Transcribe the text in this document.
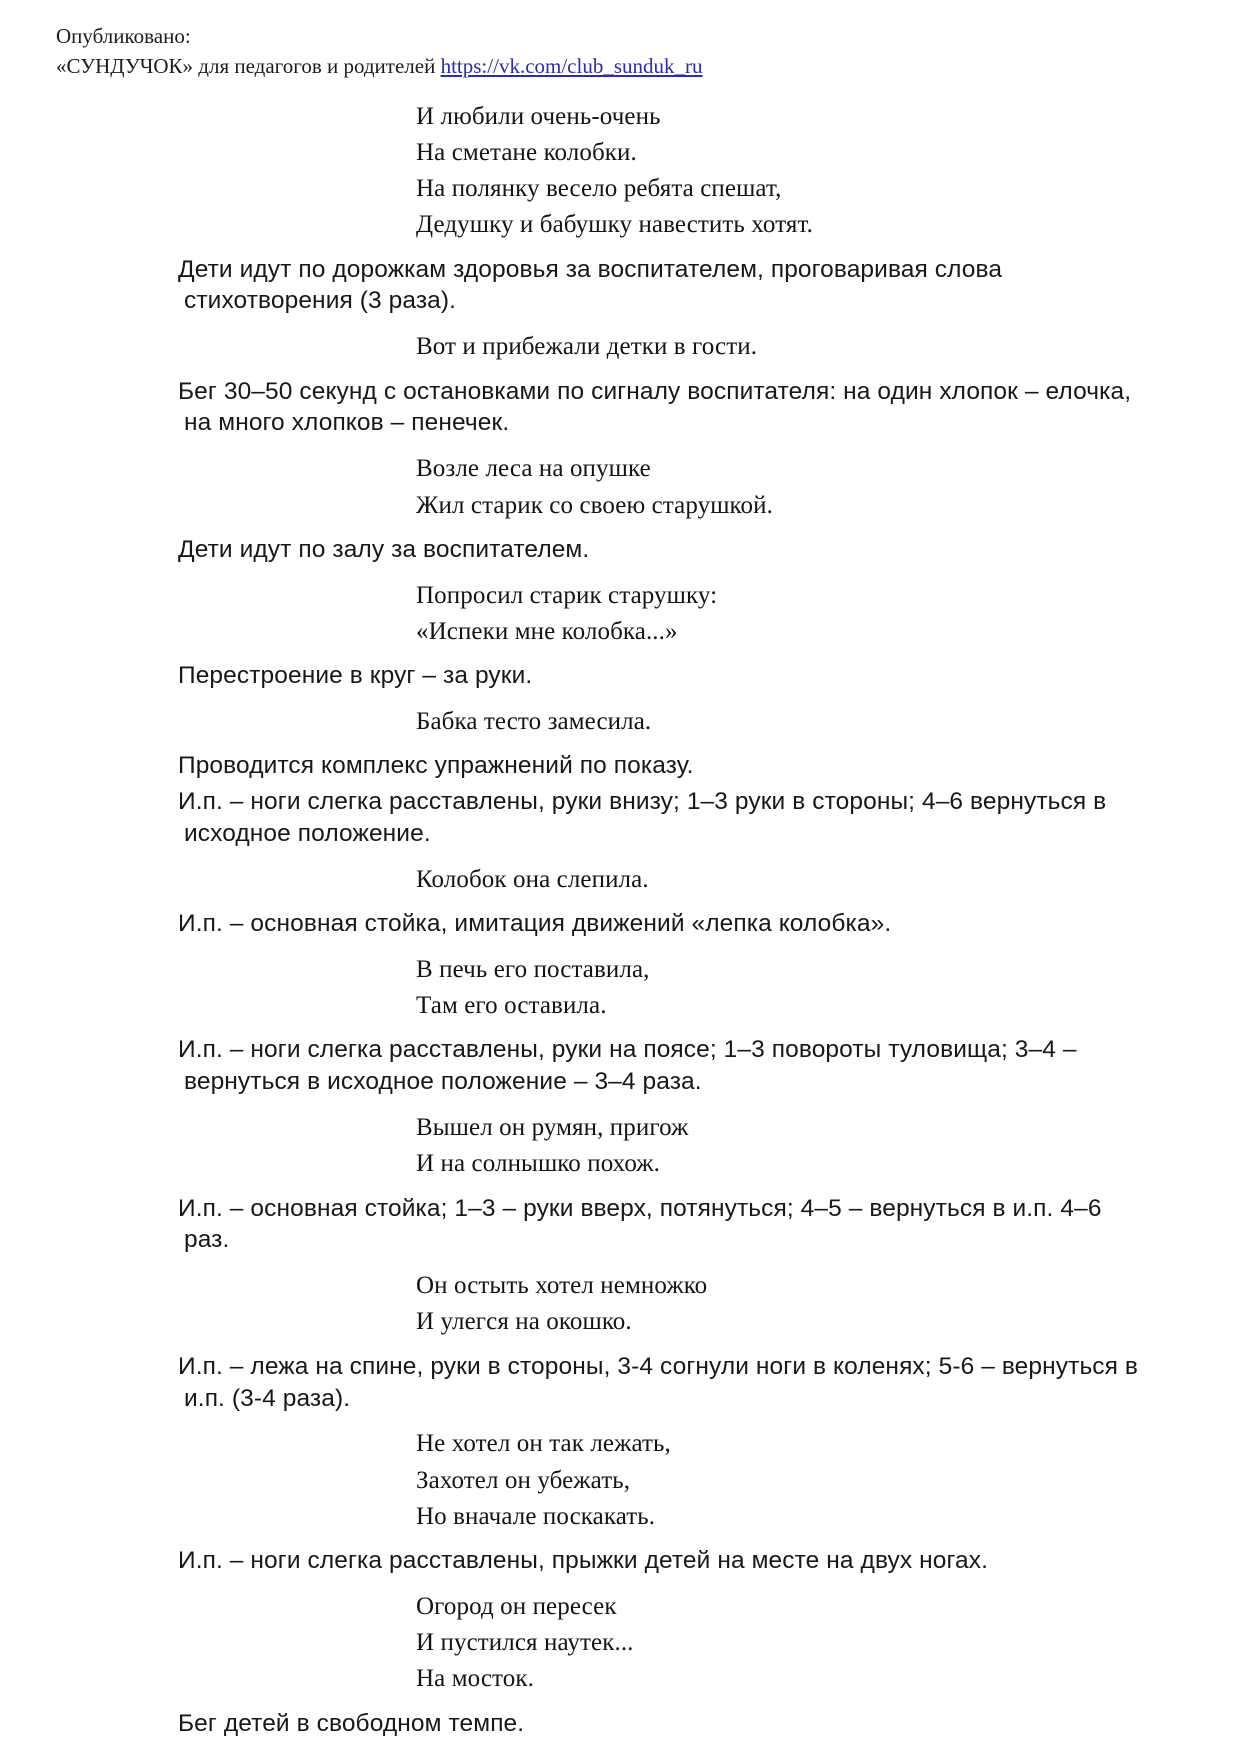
Опубликовано:
«СУНДУЧОК» для педагогов и родителей https://vk.com/club_sunduk_ru

И любили очень-очень

На сметане колобки.

На полянку весело ребята спешат,

Дедушку и бабушку навестить хотят.

Дети идут по дорожкам здоровья за воспитателем, проговаривая слова стихотворения (3 раза).

Вот и прибежали детки в гости.

Бег 30–50 секунд с остановками по сигналу воспитателя: на один хлопок – елочка, на много хлопков – пенечек.

Возле леса на опушке

Жил старик со своею старушкой.

Дети идут по залу за воспитателем.

Попросил старик старушку:

«Испеки мне колобка...»

Перестроение в круг – за руки.

Бабка тесто замесила.

Проводится комплекс упражнений по показу.

И.п. – ноги слегка расставлены, руки внизу; 1–3 руки в стороны; 4–6 вернуться в исходное положение.

Колобок она слепила.

И.п. – основная стойка, имитация движений «лепка колобка».

В печь его поставила,

Там его оставила.

И.п. – ноги слегка расставлены, руки на поясе; 1–3 повороты туловища; 3–4 – вернуться в исходное положение – 3–4 раза.

Вышел он румян, пригож

И на солнышко похож.

И.п. – основная стойка; 1–3 – руки вверх, потянуться; 4–5 – вернуться в и.п. 4–6 раз.

Он остыть хотел немножко

И улегся на окошко.

И.п. – лежа на спине, руки в стороны, 3-4 согнули ноги в коленях; 5-6 – вернуться в и.п. (3-4 раза).

Не хотел он так лежать,

Захотел он убежать,

Но вначале поскакать.

И.п. – ноги слегка расставлены, прыжки детей на месте на двух ногах.

Огород он пересек

И пустился наутек...

На мосток.

Бег детей в свободном темпе.
